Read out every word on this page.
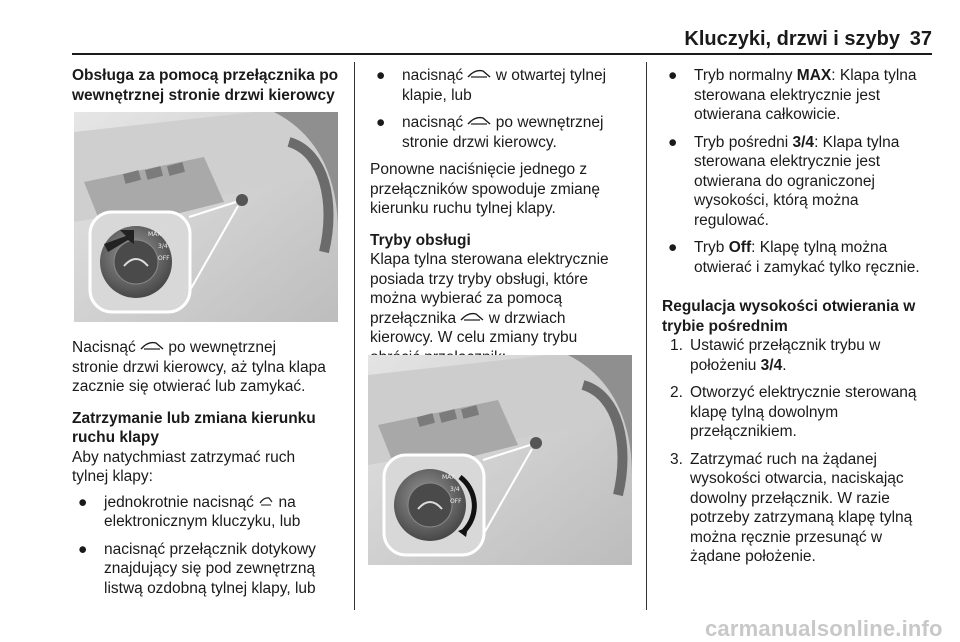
Kluczyki, drzwi i szyby 37

Obsługa za pomocą przełącznika po
wewnętrznej stronie drzwi kierowcy

MAX
3/4
OFF

Nacisnąć  po wewnętrznej
stronie drzwi kierowcy, aż tylna klapa
zacznie się otwierać lub zamykać.

Zatrzymanie lub zmiana kierunku
ruchu klapy

Aby natychmiast zatrzymać ruch
tylnej klapy:

● jednokrotnie nacisnąć  na
elektronicznym kluczyku, lub
● nacisnąć przełącznik dotykowy
znajdujący się pod zewnętrzną
listwą ozdobną tylnej klapy, lub
● nacisnąć  w otwartej tylnej
klapie, lub
● nacisnąć  po wewnętrznej
stronie drzwi kierowcy.

Ponowne naciśnięcie jednego z
przełączników spowoduje zmianę
kierunku ruchu tylnej klapy.

Tryby obsługi

Klapa tylna sterowana elektrycznie
posiada trzy tryby obsługi, które
można wybierać za pomocą
przełącznika  w drzwiach
kierowcy. W celu zmiany trybu

MAX
3/4
OFF
● Tryb normalny MAX: Klapa tylna
sterowana elektrycznie jest
otwierana całkowicie.
● Tryb pośredni 3/4: Klapa tylna
sterowana elektrycznie jest
otwierana do ograniczonej
wysokości, którą można
regulować.
● Tryb Off: Klapę tylną można
otwierać i zamykać tylko ręcznie.

Regulacja wysokości otwierania w
trybie pośrednim

1. Ustawić przełącznik trybu w
położeniu 3/4.
2. Otworzyć elektrycznie sterowaną
klapę tylną dowolnym
przełącznikiem.
3. Zatrzymać ruch na żądanej
wysokości otwarcia, naciskając
dowolny przełącznik. W razie
potrzeby zatrzymaną klapę tylną
można ręcznie przesunąć w
żądane położenie.
carmanualsonline.info
